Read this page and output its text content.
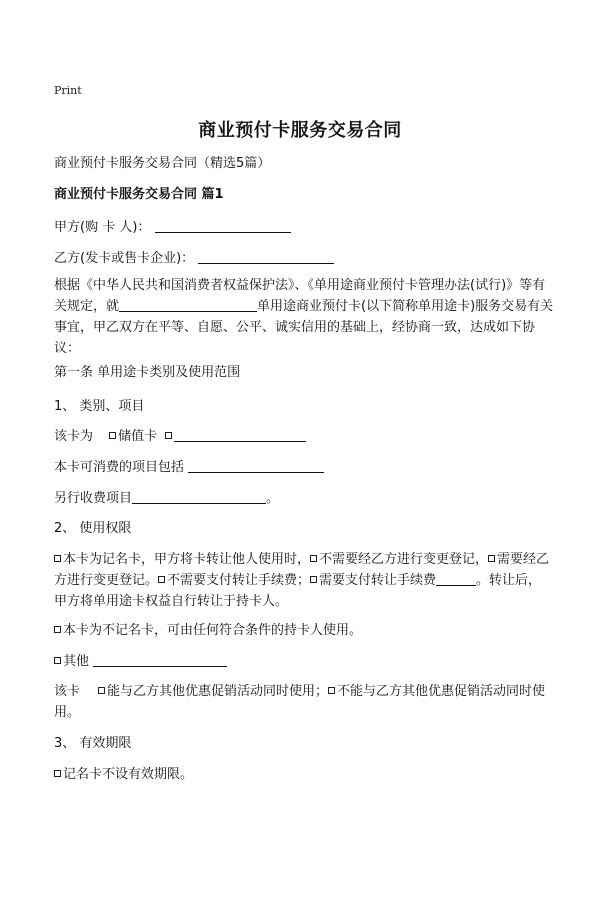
Print
商业预付卡服务交易合同
商业预付卡服务交易合同（精选5篇）
商业预付卡服务交易合同 篇1
甲方(购 卡 人)：
乙方(发卡或售卡企业)：
根据《中华人民共和国消费者权益保护法》、《单用途商业预付卡管理办法(试行)》等有关规定，就	单用途商业预付卡(以下简称单用途卡)服务交易有关事宜，甲乙双方在平等、自愿、公平、诚实信用的基础上，经协商一致，达成如下协议：
第一条 单用途卡类别及使用范围
1、 类别、项目
该卡为 储值卡
本卡可消费的项目包括
另行收费项目	。
2、 使用权限
本卡为记名卡，甲方将卡转让他人使用时， 不需要经乙方进行变更登记， 需要经乙方进行变更登记。 不需要支付转让手续费； 需要支付转让手续费	。转让后，甲方将单用途卡权益自行转让于持卡人。
本卡为不记名卡，可由任何符合条件的持卡人使用。
其他
该卡 能与乙方其他优惠促销活动同时使用； 不能与乙方其他优惠促销活动同时使用。
3、 有效期限
记名卡不设有效期限。
